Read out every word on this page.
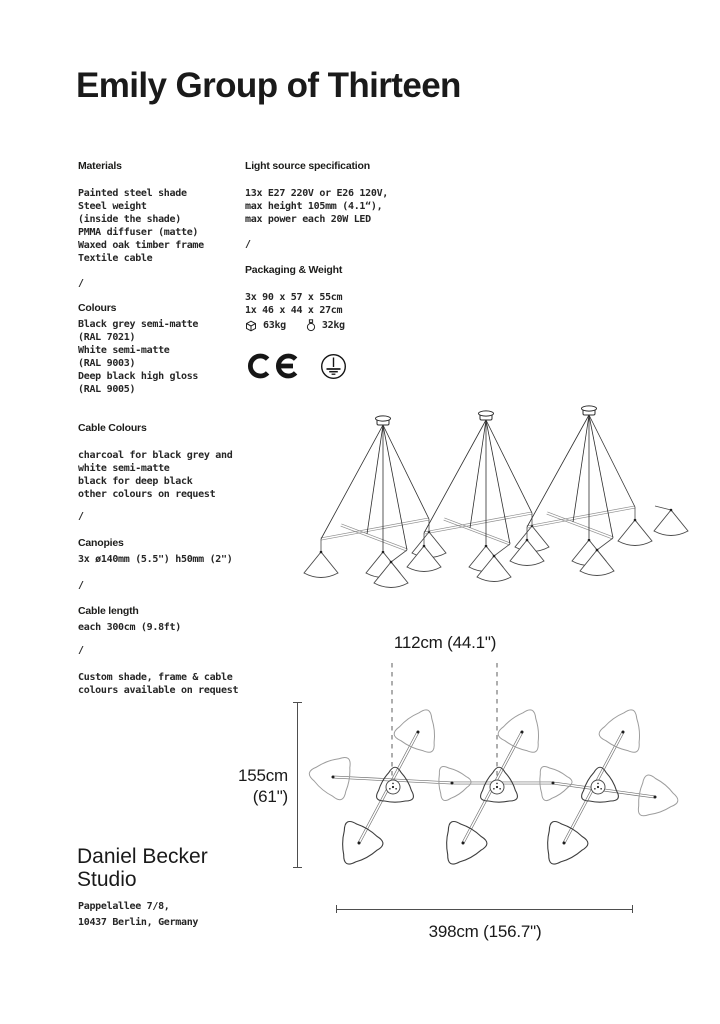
Emily Group of Thirteen
Materials
Painted steel shade
Steel weight
(inside the shade)
PMMA diffuser (matte)
Waxed oak timber frame
Textile cable
/
Colours
Black grey semi-matte
(RAL 7021)
White semi-matte
(RAL 9003)
Deep black high gloss
(RAL 9005)
Cable Colours
charcoal for black grey and
white semi-matte
black for deep black
other colours on request
/
Canopies
3x ø140mm (5.5") h50mm (2")
/
Cable length
each 300cm (9.8ft)
/
Custom shade, frame & cable
colours available on request
Light source specification
13x E27 220V or E26 120V,
max height 105mm (4.1“),
max power each 20W LED
/
Packaging & Weight
3x 90 x 57 x 55cm
1x 46 x 44 x 27cm
63kg	32kg
112cm (44.1")
155cm
(61")
398cm (156.7")
Daniel Becker
Studio
Pappelallee 7/8,
10437 Berlin, Germany
